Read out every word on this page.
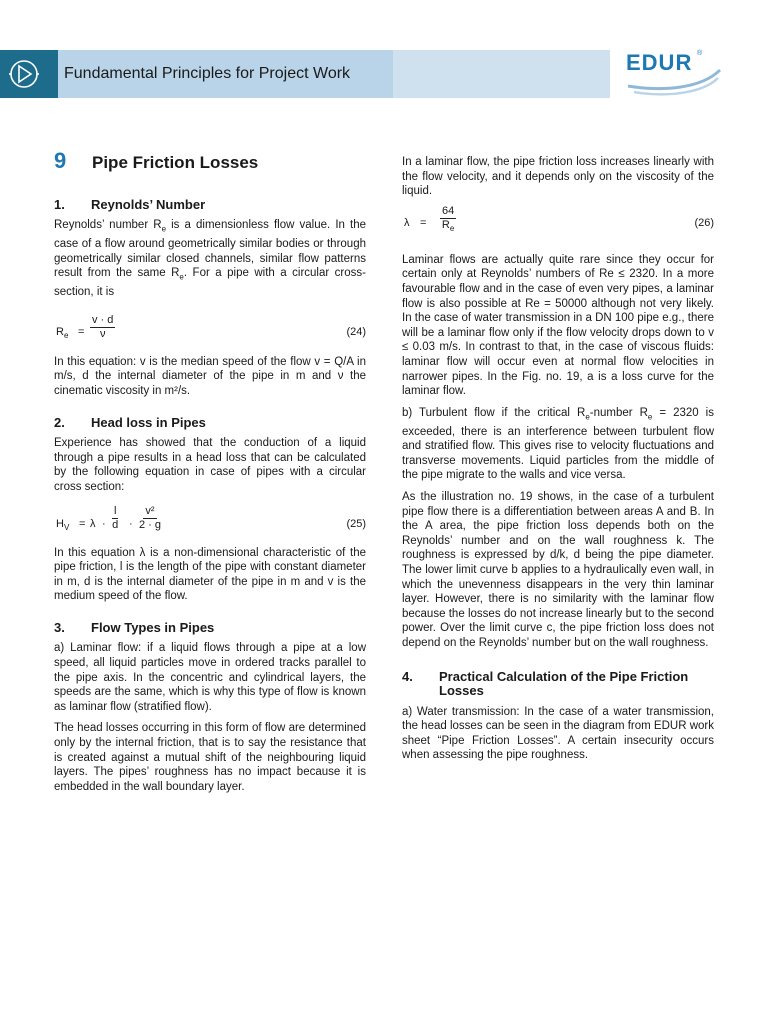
Fundamental Principles for Project Work	EDUR ®
9	Pipe Friction Losses
1.	Reynolds’ Number

Reynolds’ number $R_e$ is a dimensionless flow value. In the case of a flow around geometrically similar bodies or through geometrically similar closed channels, similar flow patterns result from the same $R_e$. For a pipe with a circular cross-section, it is

$R_e = \frac{v \cdot d}{\nu}$	(24)

In this equation: v is the median speed of the flow v = Q/A in m/s, d the internal diameter of the pipe in m and ν the cinematic viscosity in m²/s.

2.	Head loss in Pipes

Experience has showed that the conduction of a liquid through a pipe results in a head loss that can be calculated by the following equation in case of pipes with a circular cross section:

$H_V = \lambda \cdot \frac{l}{d} \cdot \frac{\text{v²}}{2 \cdot g}$	(25)

In this equation λ is a non-dimensional characteristic of the pipe friction, l is the length of the pipe with constant diameter in m, d is the internal diameter of the pipe in m and v is the medium speed of the flow.

3.	Flow Types in Pipes

a) Laminar flow: if a liquid flows through a pipe at a low speed, all liquid particles move in ordered tracks parallel to the pipe axis. In the concentric and cylindrical layers, the speeds are the same, which is why this type of flow is known as laminar flow (stratified flow).

The head losses occurring in this form of flow are determined only by the internal friction, that is to say the resistance that is created against a mutual shift of the neighbouring liquid layers. The pipes’ roughness has no impact because it is embedded in the wall boundary layer.

In a laminar flow, the pipe friction loss increases linearly with the flow velocity, and it depends only on the viscosity of the liquid.

$\lambda = \frac{64}{R_e}$	(26)

Laminar flows are actually quite rare since they occur for certain only at Reynolds’ numbers of Re ≤ 2320. In a more favourable flow and in the case of even very pipes, a laminar flow is also possible at Re = 50000 although not very likely. In the case of water transmission in a DN 100 pipe e.g., there will be a laminar flow only if the flow velocity drops down to v ≤ 0.03 m/s. In contrast to that, in the case of viscous fluids: laminar flow will occur even at normal flow velocities in narrower pipes. In the Fig. no. 19, a is a loss curve for the laminar flow.

b) Turbulent flow if the critical $R_e$-number $R_e = 2320$ is exceeded, there is an interference between turbulent flow and stratified flow. This gives rise to velocity fluctuations and transverse movements. Liquid particles from the middle of the pipe migrate to the walls and vice versa.

As the illustration no. 19 shows, in the case of a turbulent pipe flow there is a differentiation between areas A and B. In the A area, the pipe friction loss depends both on the Reynolds’ number and on the wall roughness k. The roughness is expressed by d/k, d being the pipe diameter. The lower limit curve b applies to a hydraulically even wall, in which the unevenness disappears in the very thin laminar layer. However, there is no similarity with the laminar flow because the losses do not increase linearly but to the second power. Over the limit curve c, the pipe friction loss does not depend on the Reynolds’ number but on the wall roughness.

4.	Practical Calculation of the Pipe Friction Losses

a) Water transmission: In the case of a water transmission, the head losses can be seen in the diagram from EDUR work sheet “Pipe Friction Losses”. A certain insecurity occurs when assessing the pipe roughness.
